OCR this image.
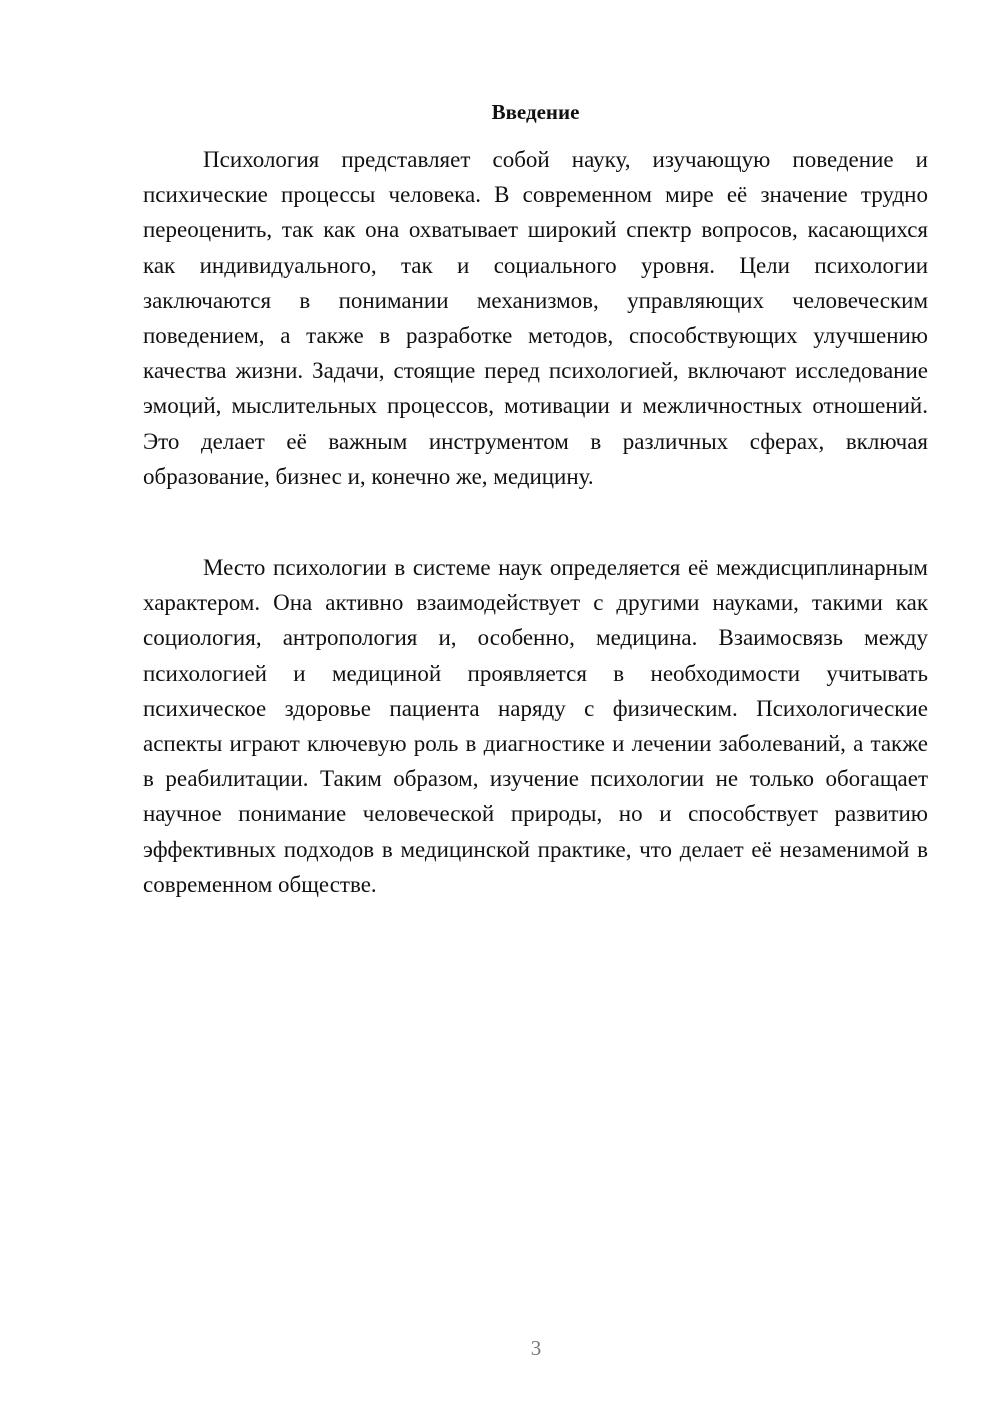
Введение

Психология представляет собой науку, изучающую поведение и психические процессы человека. В современном мире её значение трудно переоценить, так как она охватывает широкий спектр вопросов, касающихся как индивидуального, так и социального уровня. Цели психологии заключаются в понимании механизмов, управляющих человеческим поведением, а также в разработке методов, способствующих улучшению качества жизни. Задачи, стоящие перед психологией, включают исследование эмоций, мыслительных процессов, мотивации и межличностных отношений. Это делает её важным инструментом в различных сферах, включая образование, бизнес и, конечно же, медицину.

Место психологии в системе наук определяется её междисциплинарным характером. Она активно взаимодействует с другими науками, такими как социология, антропология и, особенно, медицина. Взаимосвязь между психологией и медициной проявляется в необходимости учитывать психическое здоровье пациента наряду с физическим. Психологические аспекты играют ключевую роль в диагностике и лечении заболеваний, а также в реабилитации. Таким образом, изучение психологии не только обогащает научное понимание человеческой природы, но и способствует развитию эффективных подходов в медицинской практике, что делает её незаменимой в современном обществе.

3
